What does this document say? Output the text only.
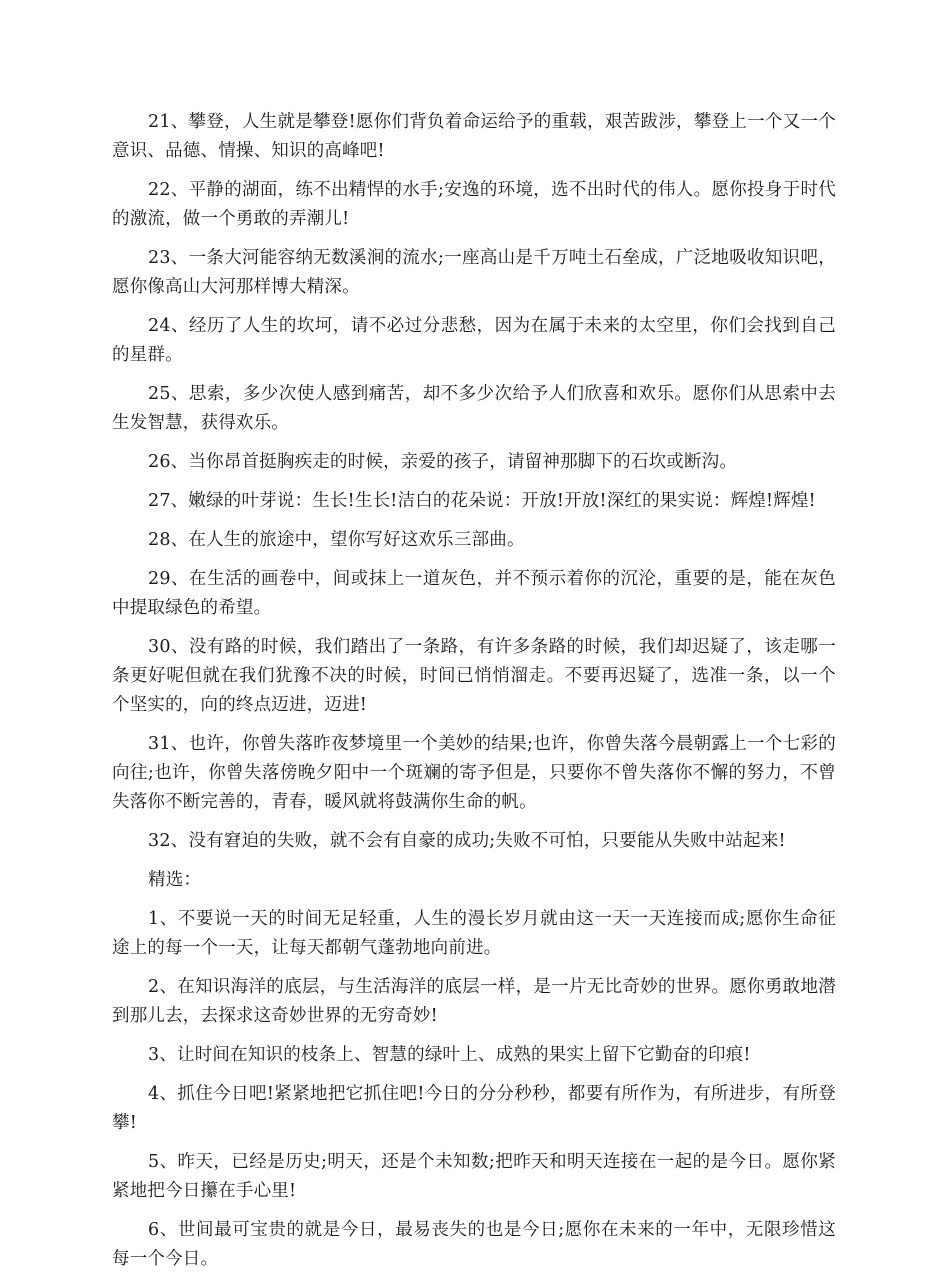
21、攀登，人生就是攀登!愿你们背负着命运给予的重载，艰苦跋涉，攀登上一个又一个意识、品德、情操、知识的高峰吧!

22、平静的湖面，练不出精悍的水手;安逸的环境，选不出时代的伟人。愿你投身于时代的激流，做一个勇敢的弄潮儿!

23、一条大河能容纳无数溪涧的流水;一座高山是千万吨土石垒成，广泛地吸收知识吧，愿你像高山大河那样博大精深。

24、经历了人生的坎坷，请不必过分悲愁，因为在属于未来的太空里，你们会找到自己的星群。

25、思索，多少次使人感到痛苦，却不多少次给予人们欣喜和欢乐。愿你们从思索中去生发智慧，获得欢乐。

26、当你昂首挺胸疾走的时候，亲爱的孩子，请留神那脚下的石坎或断沟。

27、嫩绿的叶芽说：生长!生长!洁白的花朵说：开放!开放!深红的果实说：辉煌!辉煌!

28、在人生的旅途中，望你写好这欢乐三部曲。

29、在生活的画卷中，间或抹上一道灰色，并不预示着你的沉沦，重要的是，能在灰色中提取绿色的希望。

30、没有路的时候，我们踏出了一条路，有许多条路的时候，我们却迟疑了，该走哪一条更好呢但就在我们犹豫不决的时候，时间已悄悄溜走。不要再迟疑了，选准一条，以一个个坚实的，向的终点迈进，迈进!

31、也许，你曾失落昨夜梦境里一个美妙的结果;也许，你曾失落今晨朝露上一个七彩的向往;也许，你曾失落傍晚夕阳中一个斑斓的寄予但是，只要你不曾失落你不懈的努力，不曾失落你不断完善的，青春，暖风就将鼓满你生命的帆。

32、没有窘迫的失败，就不会有自豪的成功;失败不可怕，只要能从失败中站起来!

精选：

1、不要说一天的时间无足轻重，人生的漫长岁月就由这一天一天连接而成;愿你生命征途上的每一个一天，让每天都朝气蓬勃地向前进。

2、在知识海洋的底层，与生活海洋的底层一样，是一片无比奇妙的世界。愿你勇敢地潜到那儿去，去探求这奇妙世界的无穷奇妙!

3、让时间在知识的枝条上、智慧的绿叶上、成熟的果实上留下它勤奋的印痕!

4、抓住今日吧!紧紧地把它抓住吧!今日的分分秒秒，都要有所作为，有所进步，有所登攀!

5、昨天，已经是历史;明天，还是个未知数;把昨天和明天连接在一起的是今日。愿你紧紧地把今日攥在手心里!

6、世间最可宝贵的就是今日，最易丧失的也是今日;愿你在未来的一年中，无限珍惜这每一个今日。
